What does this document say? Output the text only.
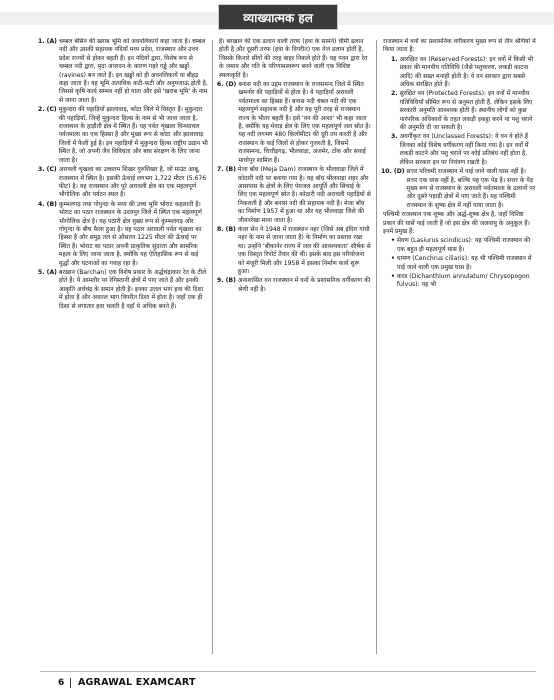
व्याख्यात्मक हल
1. (A) चम्बल बेसिन की खराब भूमि को अवनलिकायें कहा जाता है। चम्बल नदी और उसकी सहायक नदियाँ मध्य प्रदेश, राजस्थान और उत्तर प्रदेश राज्यों से होकर बहती हैं। इन नदियों द्वारा, विशेष रूप से चम्बल नदी द्वारा, मृदा अपरदन के कारण गहरे गड्ढे और खड्डों (ravines) बन जाते हैं। इन खड्डों को ही अवनलिकायें या बीहड़ कहा जाता है। यह भूमि अत्यधिक कटी-फटी और अनुपजाऊ होती है, जिससे कृषि कार्य सम्भव नहीं हो पाता और इसे 'खराब भूमि' के नाम से जाना जाता है।
2. (C) मुकुन्दरा की पहाड़ियाँ झालावाड़, कोटा जिले में विस्तृत हैं। मुकुन्दरा की पहाड़ियाँ, जिन्हें मुकुन्दरा हिल्स के नाम से भी जाना जाता है, राजस्थान के हाड़ौती क्षेत्र में स्थित हैं। यह पर्वत शृंखला विन्ध्याचल पर्वतमाला का एक हिस्सा है और मुख्य रूप से कोटा और झालावाड़ जिलों में फैली हुई है। इन पहाड़ियों में मुकुन्दरा हिल्स राष्ट्रीय उद्यान भी स्थित है, जो अपनी जैव विविधता और बाघ संरक्षण के लिए जाना जाता है।
3. (C) अरावली शृंखला का उच्चतम शिखर गुरुशिखर है, जो माउंट आबू, राजस्थान में स्थित है। इसकी ऊँचाई लगभग 1,722 मीटर (5,676 फीट) है। यह राजस्थान और पूरे अरावली क्षेत्र का एक महत्वपूर्ण भौगोलिक और पर्यटन स्थल है।
4. (B) कुम्भलगढ़ तथा गोगुन्दा के मध्य की उच्च भूमि भोराट कहलाती है। भोराट का पठार राजस्थान के उदयपुर जिले में स्थित एक महत्वपूर्ण भौगोलिक क्षेत्र है। यह पठारी क्षेत्र मुख्य रूप से कुम्भलगढ़ और गोगुन्दा के बीच फैला हुआ है। यह पठार अरावली पर्वत शृंखला का हिस्सा है और समुद्र तल से औसतन 1225 मीटर की ऊँचाई पर स्थित है। भोराट का पठार अपनी प्राकृतिक सुंदरता और सामरिक महत्व के लिए जाना जाता है, क्योंकि यह ऐतिहासिक रूप से कई युद्धों और घटनाओं का गवाह रहा है।
5. (A) बरखान (Barchan) एक विशेष प्रकार के अर्द्धचंद्राकार रेत के टीले होते हैं। ये आमतौर पर रेगिस्तानी क्षेत्रों में पाए जाते हैं और इनकी आकृति अर्धचंद्र के समान होती है। इनका उत्तल भाग हवा की दिशा में होता है और अवतल भाग विपरीत दिशा में होता है। जहाँ एक ही दिशा से लगातार हवा चलती है वहाँ ये अधिक बनते हैं।
हैं। बरखान की एक ढलान वाली तरफ (हवा के सामने) धीमी ढलान होती है और दूसरी तरफ (हवा के विपरीत) एक तेज ढलान होती है, जिसके किनारे सींगों की तरह बाहर निकले होते हैं। यह पवन द्वारा रेत के जमाव और गति के परिणामस्वरूप बनने वाली एक विशिष्ट स्थलाकृति है।
6. (D) बनास नदी का उद्गम राजस्थान के राजसमन्द जिले में स्थित खमनोर की पहाड़ियों से होता है। ये पहाड़ियाँ अरावली पर्वतमाला का हिस्सा हैं। बनास नदी चंबल नदी की एक महत्वपूर्ण सहायक नदी है और यह पूरी तरह से राजस्थान राज्य के भीतर बहती है। इसे 'वन की आशा' भी कहा जाता है, क्योंकि यह मेवाड़ क्षेत्र के लिए एक महत्वपूर्ण जल स्रोत है। यह नदी लगभग 480 किलोमीटर की दूरी तय करती है और राजस्थान के कई जिलों से होकर गुजरती है, जिसमें राजसमन्द, चित्तौड़गढ़, भीलवाड़ा, अजमेर, टोंक और सवाई माधोपुर शामिल हैं।
7. (B) मेजा बाँध (Meja Dam) राजस्थान के भीलवाड़ा जिले में कोठारी नदी पर बनाया गया है। यह बाँध भीलवाड़ा शहर और आसपास के क्षेत्रों के लिए पेयजल आपूर्ति और सिंचाई के लिए एक महत्वपूर्ण स्रोत है। कोठारी नदी अरावली पहाड़ियों से निकलती है और बनास नदी की सहायक नदी है। मेजा बाँध का निर्माण 1957 में हुआ था और यह भीलवाड़ा जिले की जीवनरेखा माना जाता है।
8. (B) कंवर सेन ने 1948 में राजस्थान नहर (जिसे अब इंदिरा गांधी नहर के नाम से जाना जाता है) के निर्माण का प्रस्ताव रखा था। उन्होंने ‘बीकानेर राज्य में जल की आवश्यकता’ शीर्षक से एक विस्तृत रिपोर्ट तैयार की थी। इसके बाद इस परियोजना को मंजूरी मिली और 1958 में इसका निर्माण कार्य शुरू हुआ।
9. (B) अनाशासित वन राजस्थान में वनों के प्रशासनिक वर्गीकरण की श्रेणी नहीं है।
राजस्थान में वनों का प्रशासनिक वर्गीकरण मुख्य रूप से तीन श्रेणियों में किया जाता है:
1. आरक्षित वन (Reserved Forests): इन वनों में किसी भी प्रकार की मानवीय गतिविधि (जैसे पशुचारण, लकड़ी काटना आदि) की सख्त मनाही होती है। ये वन सरकार द्वारा सबसे अधिक संरक्षित होते हैं।
2. सुरक्षित वन (Protected Forests): इन वनों में मानवीय गतिविधियाँ सीमित रूप से अनुमत होती हैं, लेकिन इसके लिए सरकारी अनुमति आवश्यक होती है। स्थानीय लोगों को कुछ पारंपरिक अधिकारों के तहत लकड़ी इकट्ठा करने या पशु चराने की अनुमति दी जा सकती है।
3. अवर्गीकृत वन (Unclassed Forests): ये वन वे होते हैं जिनका कोई विशेष वर्गीकरण नहीं किया गया है। इन वनों में लकड़ी काटने और पशु चराने पर कोई प्रतिबंध नहीं होता है, लेकिन सरकार इन पर नियंत्रण रखती है।
10. (D) सत्तर परिचमी राजस्थान में पाई जाने वाली घास नहीं है। सत्तर एक घास नहीं है, बल्कि यह एक पेड़ है। सत्तर के पेड़ मुख्य रूप से राजस्थान के अरावली पर्वतमाला के ढलानों पर और दूसरे पहाड़ी क्षेत्रों में पाए जाते हैं। यह पश्चिमी राजस्थान के शुष्क क्षेत्र में नहीं पाया जाता है।
पश्चिमी राजस्थान एक शुष्क और अर्द्ध-शुष्क क्षेत्र है, जहाँ विशिष्ट प्रकार की घासें पाई जाती हैं जो इस क्षेत्र की जलवायु के अनुकूल हैं। इनमें प्रमुख हैं:
• सेवण (Lasiurus scindicus): यह पश्चिमी राजस्थान की एक बहुत ही महत्वपूर्ण घास है।
• धामण (Cenchrus ciliaris): यह भी पश्चिमी राजस्थान में पाई जाने वाली एक प्रमुख घास है।
• करड (Dichanthium annulatum/ Chrysopogon fulvus): यह भी
6 AGRAWAL EXAMCART
